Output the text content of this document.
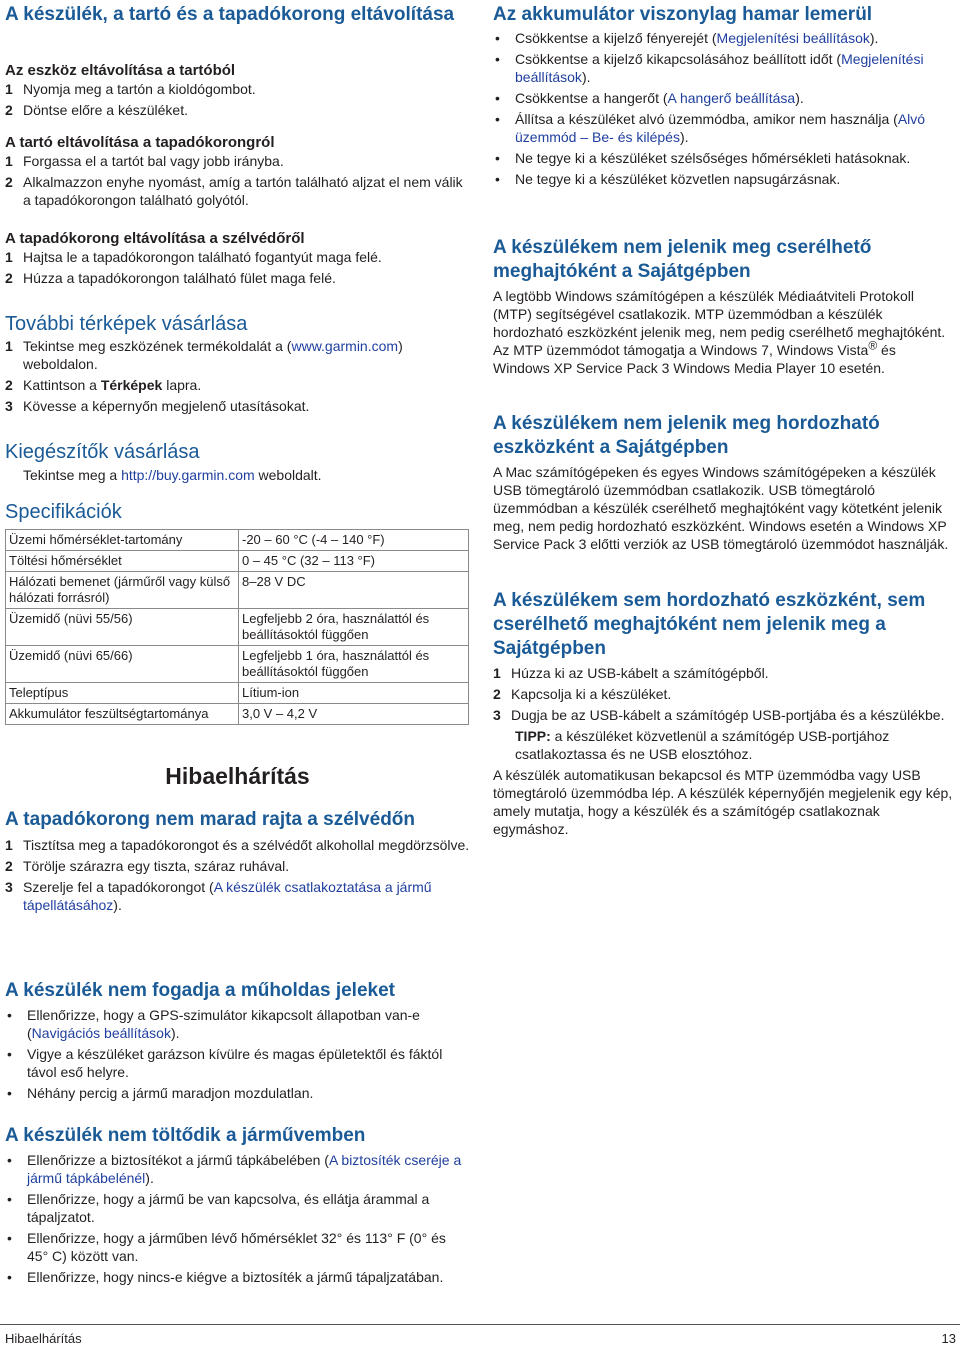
A készülék, a tartó és a tapadókorong eltávolítása
Az eszköz eltávolítása a tartóból
1 Nyomja meg a tartón a kioldógombot.
2 Döntse előre a készüléket.
A tartó eltávolítása a tapadókorongról
1 Forgassa el a tartót bal vagy jobb irányba.
2 Alkalmazzon enyhe nyomást, amíg a tartón található aljzat el nem válik a tapadókorongon található golyótól.
A tapadókorong eltávolítása a szélvédőről
1 Hajtsa le a tapadókorongon található fogantyút maga felé.
2 Húzza a tapadókorongon található fület maga felé.
További térképek vásárlása
1 Tekintse meg eszközének termékoldalát a (www.garmin.com) weboldalon.
2 Kattintson a Térképek lapra.
3 Kövesse a képernyőn megjelenő utasításokat.
Kiegészítők vásárlása

Tekintse meg a http://buy.garmin.com weboldalt.

Specifikációk
Üzemi hőmérséklet-tartomány	-20 – 60 °C (-4 – 140 °F)
Töltési hőmérséklet	0 – 45 °C (32 – 113 °F)
Hálózati bemenet (járműről vagy külső hálózati forrásról)	8–28 V DC
Üzemidő (nüvi 55/56)	Legfeljebb 2 óra, használattól és beállításoktól függően
Üzemidő (nüvi 65/66)	Legfeljebb 1 óra, használattól és beállításoktól függően
Teleptípus	Lítium-ion
Akkumulátor feszültségtartománya	3,0 V – 4,2 V
Hibaelhárítás
A tapadókorong nem marad rajta a szélvédőn
1 Tisztítsa meg a tapadókorongot és a szélvédőt alkohollal megdörzsölve.
2 Törölje szárazra egy tiszta, száraz ruhával.
3 Szerelje fel a tapadókorongot (A készülék csatlakoztatása a jármű tápellátásához).
A készülék nem fogadja a műholdas jeleket
• Ellenőrizze, hogy a GPS-szimulátor kikapcsolt állapotban van-e (Navigációs beállítások).
• Vigye a készüléket garázson kívülre és magas épületektől és fáktól távol eső helyre.
• Néhány percig a jármű maradjon mozdulatlan.
A készülék nem töltődik a járművemben
• Ellenőrizze a biztosítékot a jármű tápkábelében (A biztosíték cseréje a jármű tápkábelénél).
• Ellenőrizze, hogy a jármű be van kapcsolva, és ellátja árammal a tápaljzatot.
• Ellenőrizze, hogy a járműben lévő hőmérséklet 32° és 113° F (0° és 45° C) között van.
• Ellenőrizze, hogy nincs-e kiégve a biztosíték a jármű tápaljzatában.
Az akkumulátor viszonylag hamar lemerül
• Csökkentse a kijelző fényerejét (Megjelenítési beállítások).
• Csökkentse a kijelző kikapcsolásához beállított időt (Megjelenítési beállítások).
• Csökkentse a hangerőt (A hangerő beállítása).
• Állítsa a készüléket alvó üzemmódba, amikor nem használja (Alvó üzemmód – Be- és kilépés).
• Ne tegye ki a készüléket szélsőséges hőmérsékleti hatásoknak.
• Ne tegye ki a készüléket közvetlen napsugárzásnak.
A készülékem nem jelenik meg cserélhető meghajtóként a Sajátgépben

A legtöbb Windows számítógépen a készülék Médiaátviteli Protokoll (MTP) segítségével csatlakozik. MTP üzemmódban a készülék hordozható eszközként jelenik meg, nem pedig cserélhető meghajtóként. Az MTP üzemmódot támogatja a Windows 7, Windows Vista® és Windows XP Service Pack 3 Windows Media Player 10 esetén.

A készülékem nem jelenik meg hordozható eszközként a Sajátgépben

A Mac számítógépeken és egyes Windows számítógépeken a készülék USB tömegtároló üzemmódban csatlakozik. USB tömegtároló üzemmódban a készülék cserélhető meghajtóként vagy kötetként jelenik meg, nem pedig hordozható eszközként. Windows esetén a Windows XP Service Pack 3 előtti verziók az USB tömegtároló üzemmódot használják.

A készülékem sem hordozható eszközként, sem cserélhető meghajtóként nem jelenik meg a Sajátgépben
1 Húzza ki az USB-kábelt a számítógépből.
2 Kapcsolja ki a készüléket.
3 Dugja be az USB-kábelt a számítógép USB-portjába és a készülékbe.

TIPP: a készüléket közvetlenül a számítógép USB-portjához csatlakoztassa és ne USB elosztóhoz.

A készülék automatikusan bekapcsol és MTP üzemmódba vagy USB tömegtároló üzemmódba lép. A készülék képernyőjén megjelenik egy kép, amely mutatja, hogy a készülék és a számítógép csatlakoznak egymáshoz.

Hibaelhárítás	13
